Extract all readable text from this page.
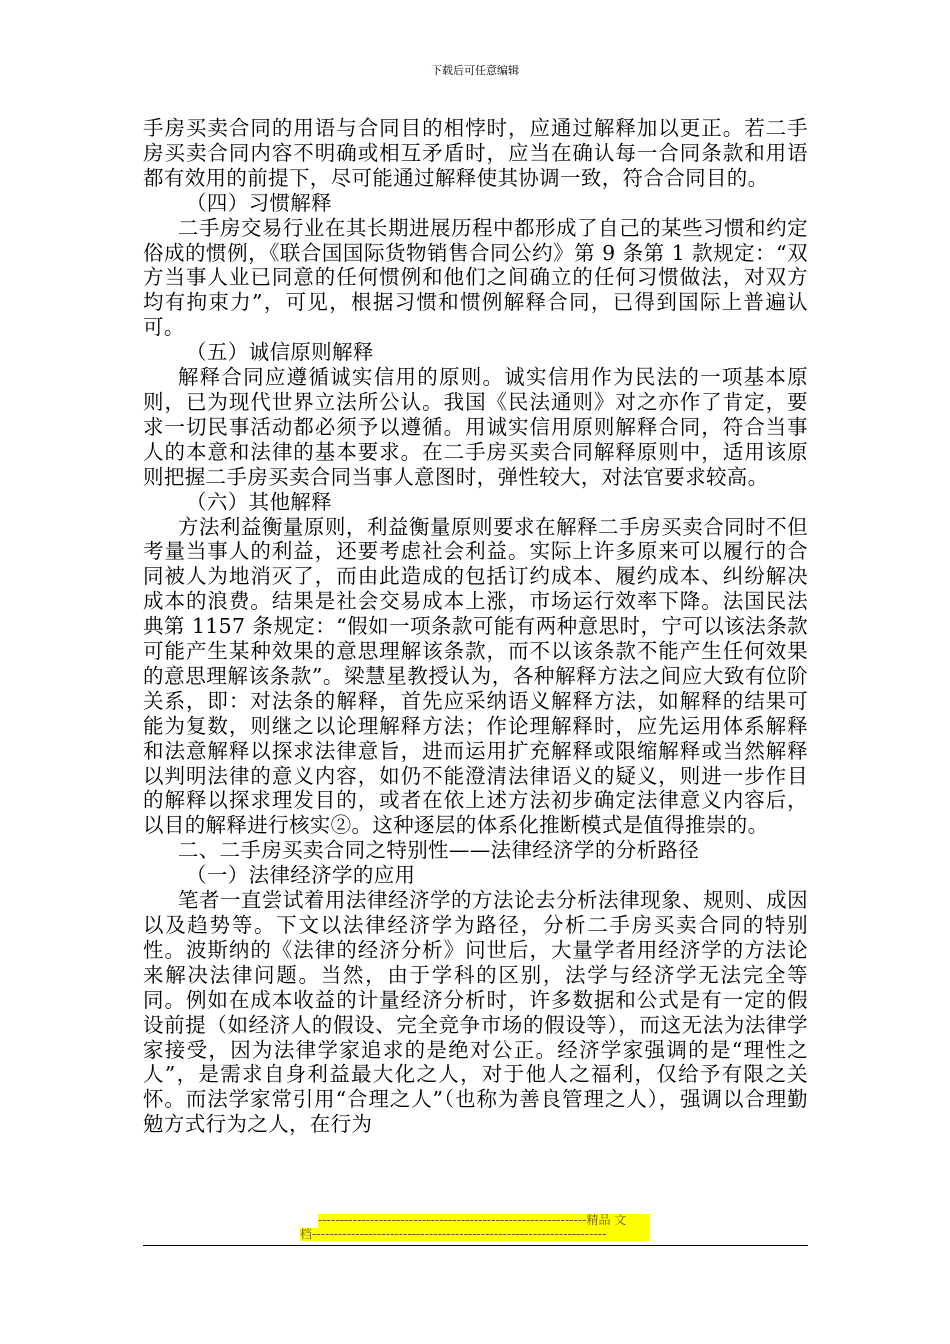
下载后可任意编辑

手房买卖合同的用语与合同目的相悖时，应通过解释加以更正。若二手房买卖合同内容不明确或相互矛盾时，应当在确认每一合同条款和用语都有效用的前提下，尽可能通过解释使其协调一致，符合合同目的。

（四）习惯解释

二手房交易行业在其长期进展历程中都形成了自己的某些习惯和约定俗成的惯例，《联合国国际货物销售合同公约》第 9 条第 1 款规定：“双方当事人业已同意的任何惯例和他们之间确立的任何习惯做法，对双方均有拘束力”，可见，根据习惯和惯例解释合同，已得到国际上普遍认可。

（五）诚信原则解释

解释合同应遵循诚实信用的原则。诚实信用作为民法的一项基本原则，已为现代世界立法所公认。我国《民法通则》对之亦作了肯定，要求一切民事活动都必须予以遵循。用诚实信用原则解释合同，符合当事人的本意和法律的基本要求。在二手房买卖合同解释原则中，适用该原则把握二手房买卖合同当事人意图时，弹性较大，对法官要求较高。

（六）其他解释

方法利益衡量原则，利益衡量原则要求在解释二手房买卖合同时不但考量当事人的利益，还要考虑社会利益。实际上许多原来可以履行的合同被人为地消灭了，而由此造成的包括订约成本、履约成本、纠纷解决成本的浪费。结果是社会交易成本上涨，市场运行效率下降。法国民法典第 1157 条规定：“假如一项条款可能有两种意思时，宁可以该法条款可能产生某种效果的意思理解该条款，而不以该条款不能产生任何效果的意思理解该条款”。梁慧星教授认为，各种解释方法之间应大致有位阶关系，即：对法条的解释，首先应采纳语义解释方法，如解释的结果可能为复数，则继之以论理解释方法；作论理解释时，应先运用体系解释和法意解释以探求法律意旨，进而运用扩充解释或限缩解释或当然解释以判明法律的意义内容，如仍不能澄清法律语义的疑义，则进一步作目的解释以探求理发目的，或者在依上述方法初步确定法律意义内容后，以目的解释进行核实②。这种逐层的体系化推断模式是值得推崇的。

二、二手房买卖合同之特别性——法律经济学的分析路径

（一）法律经济学的应用

笔者一直尝试着用法律经济学的方法论去分析法律现象、规则、成因以及趋势等。下文以法律经济学为路径，分析二手房买卖合同的特别性。波斯纳的《法律的经济分析》问世后，大量学者用经济学的方法论来解决法律问题。当然，由于学科的区别，法学与经济学无法完全等同。例如在成本收益的计量经济分析时，许多数据和公式是有一定的假设前提（如经济人的假设、完全竞争市场的假设等），而这无法为法律学家接受，因为法律学家追求的是绝对公正。经济学家强调的是“理性之人”，是需求自身利益最大化之人，对于他人之福利，仅给予有限之关怀。而法学家常引用“合理之人”（也称为善良管理之人），强调以合理勤勉方式行为之人，在行为

--------------------------------------------------------------精品 文
档--------------------------------------------------------------------
